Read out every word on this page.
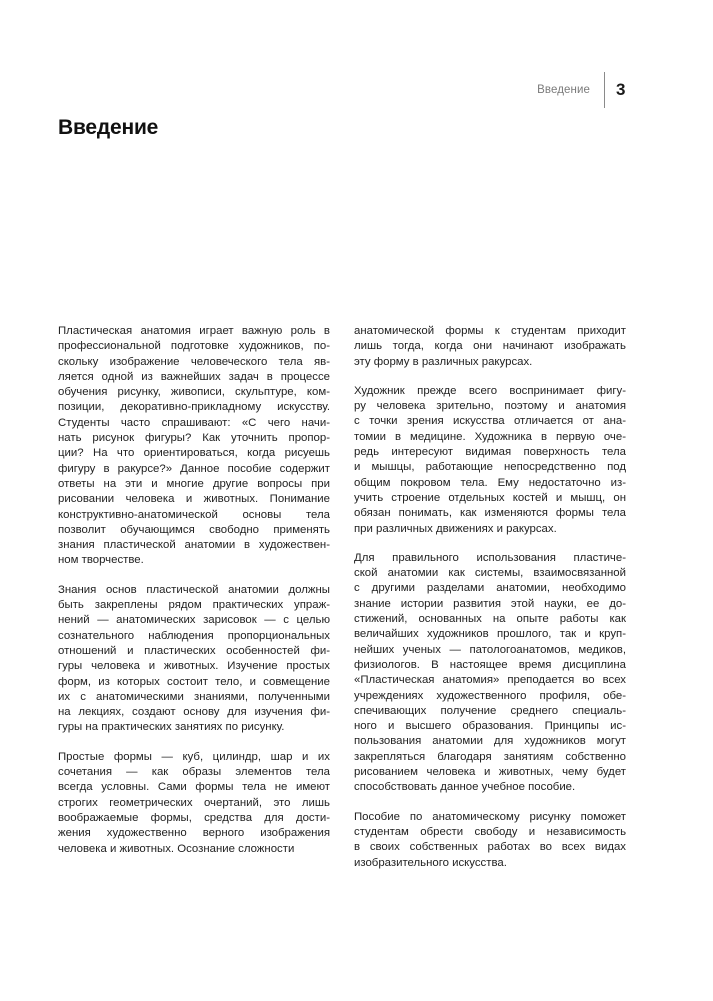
Введение 3
Введение

Пластическая анатомия играет важную роль в
профессиональной подготовке художников, по-
скольку изображение человеческого тела яв-
ляется одной из важнейших задач в процессе
обучения рисунку, живописи, скульптуре, ком-
позиции, декоративно-прикладному искусству.
Студенты часто спрашивают: «С чего начи-
нать рисунок фигуры? Как уточнить пропор-
ции? На что ориентироваться, когда рисуешь
фигуру в ракурсе?» Данное пособие содержит
ответы на эти и многие другие вопросы при
рисовании человека и животных. Понимание
конструктивно-анатомической основы тела
позволит обучающимся свободно применять
знания пластической анатомии в художествен-
ном творчестве.

Знания основ пластической анатомии должны
быть закреплены рядом практических упраж-
нений — анатомических зарисовок — с целью
сознательного наблюдения пропорциональных
отношений и пластических особенностей фи-
гуры человека и животных. Изучение простых
форм, из которых состоит тело, и совмещение
их с анатомическими знаниями, полученными
на лекциях, создают основу для изучения фи-
гуры на практических занятиях по рисунку.

Простые формы — куб, цилиндр, шар и их
сочетания — как образы элементов тела
всегда условны. Сами формы тела не имеют
строгих геометрических очертаний, это лишь
воображаемые формы, средства для дости-
жения художественно верного изображения
человека и животных. Осознание сложности

анатомической формы к студентам приходит
лишь тогда, когда они начинают изображать
эту форму в различных ракурсах.

Художник прежде всего воспринимает фигу-
ру человека зрительно, поэтому и анатомия
с точки зрения искусства отличается от ана-
томии в медицине. Художника в первую оче-
редь интересуют видимая поверхность тела
и мышцы, работающие непосредственно под
общим покровом тела. Ему недостаточно из-
учить строение отдельных костей и мышц, он
обязан понимать, как изменяются формы тела
при различных движениях и ракурсах.

Для правильного использования пластиче-
ской анатомии как системы, взаимосвязанной
с другими разделами анатомии, необходимо
знание истории развития этой науки, ее до-
стижений, основанных на опыте работы как
величайших художников прошлого, так и круп-
нейших ученых — патологоанатомов, медиков,
физиологов. В настоящее время дисциплина
«Пластическая анатомия» преподается во всех
учреждениях художественного профиля, обе-
спечивающих получение среднего специаль-
ного и высшего образования. Принципы ис-
пользования анатомии для художников могут
закрепляться благодаря занятиям собственно
рисованием человека и животных, чему будет
способствовать данное учебное пособие.

Пособие по анатомическому рисунку поможет
студентам обрести свободу и независимость
в своих собственных работах во всех видах
изобразительного искусства.
